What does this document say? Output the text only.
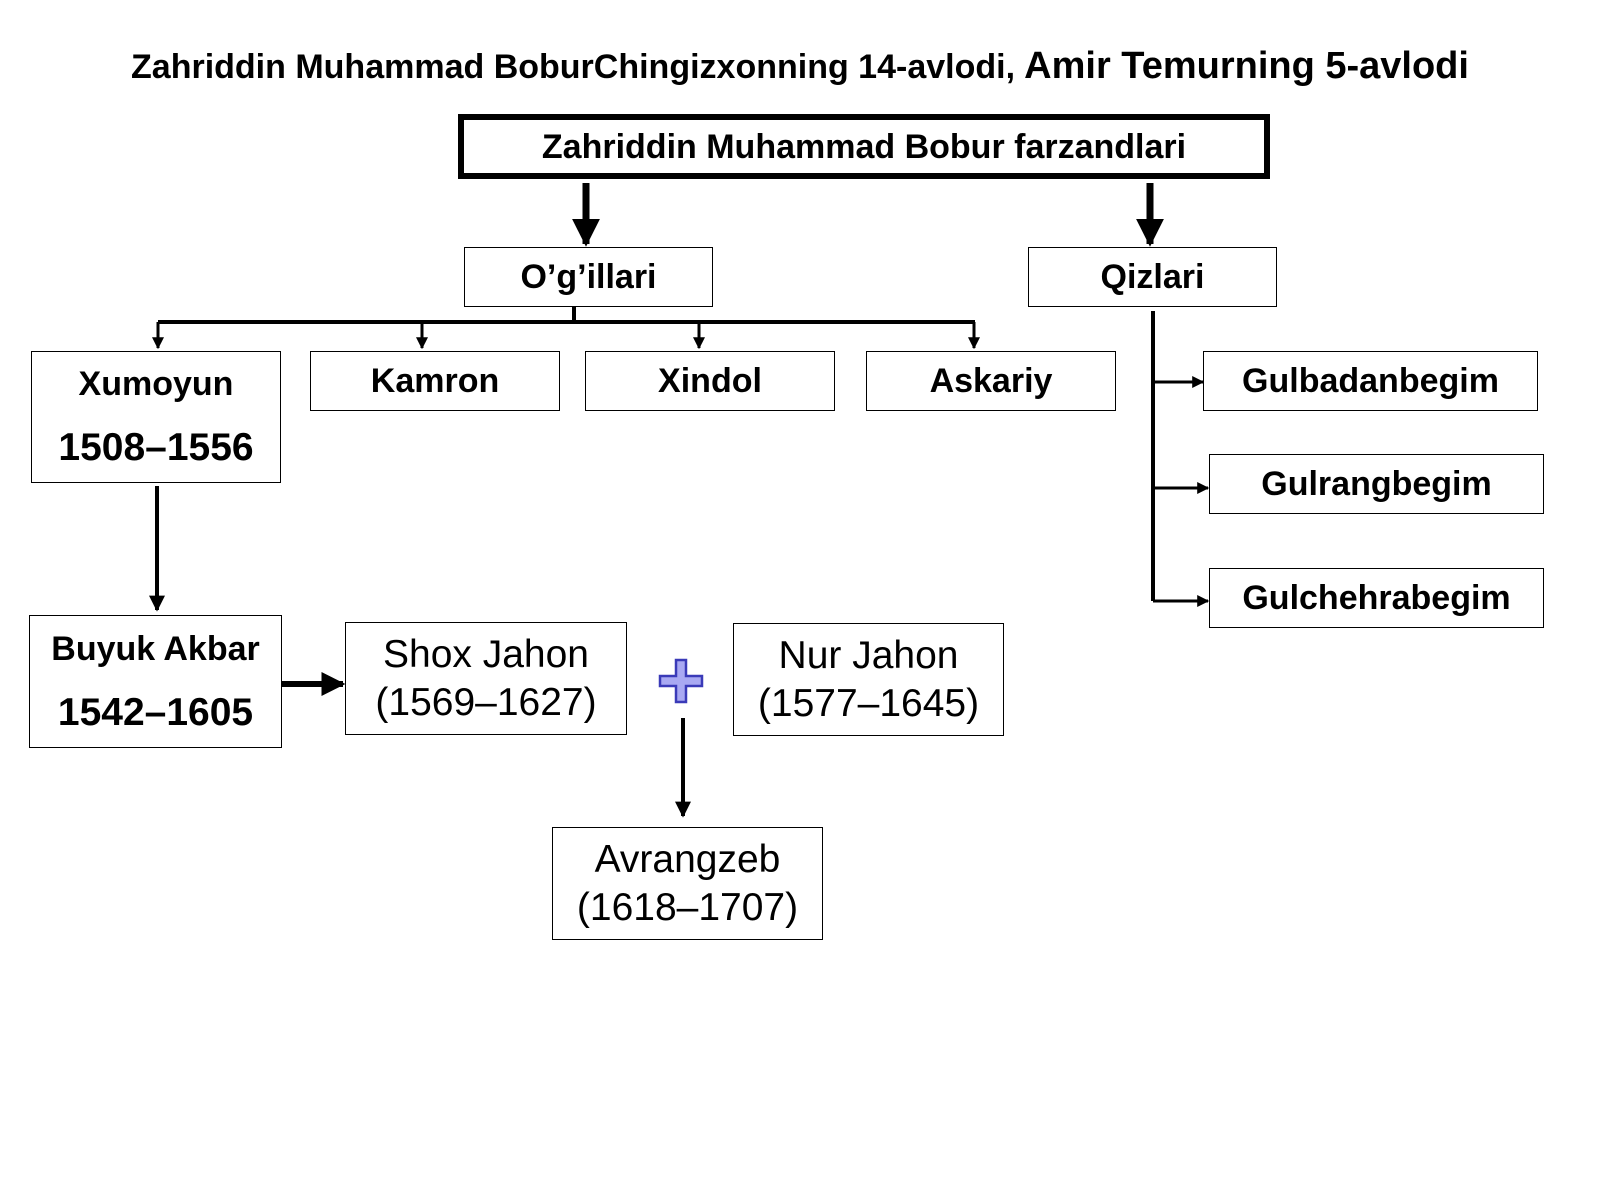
Zahriddin Muhammad BoburChingizxonning 14-avlodi, Amir Temurning 5-avlodi
Zahriddin Muhammad Bobur farzandlari
O’g’illari	Qizlari
Xumoyun
1508–1556
Kamron	Xindol	Askariy	Gulbadanbegim
Gulrangbegim
Gulchehrabegim
Buyuk Akbar
1542–1605
Shox Jahon
(1569–1627)
Nur Jahon
(1577–1645)
Avrangzeb
(1618–1707)
